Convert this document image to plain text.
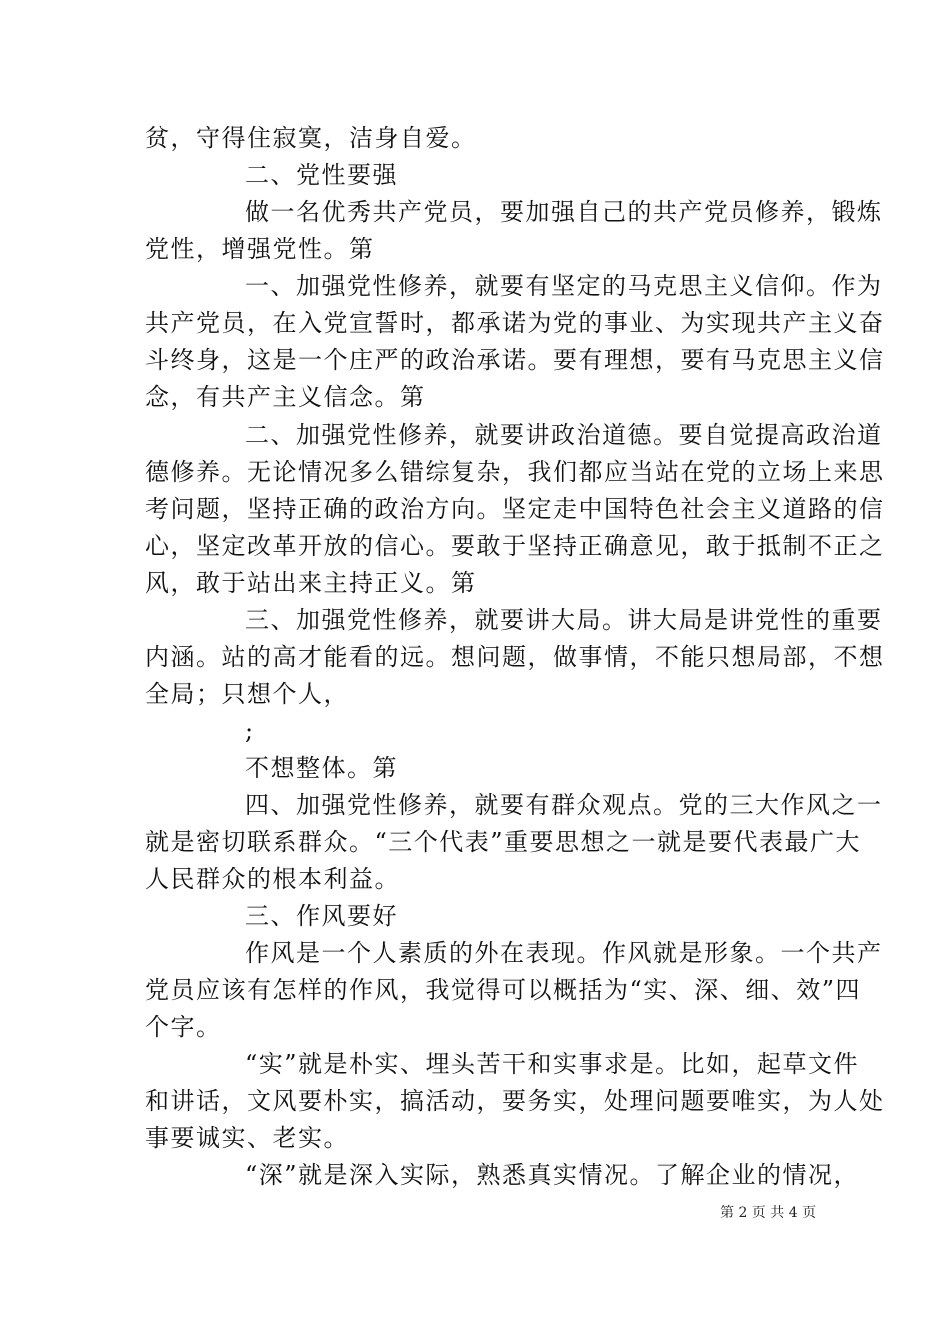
贫，守得住寂寞，洁身自爱。
二、党性要强
做一名优秀共产党员，要加强自己的共产党员修养，锻炼
党性，增强党性。第
一、加强党性修养，就要有坚定的马克思主义信仰。作为
共产党员，在入党宣誓时，都承诺为党的事业、为实现共产主义奋
斗终身，这是一个庄严的政治承诺。要有理想，要有马克思主义信
念，有共产主义信念。第
二、加强党性修养，就要讲政治道德。要自觉提高政治道
德修养。无论情况多么错综复杂，我们都应当站在党的立场上来思
考问题，坚持正确的政治方向。坚定走中国特色社会主义道路的信
心，坚定改革开放的信心。要敢于坚持正确意见，敢于抵制不正之
风，敢于站出来主持正义。第
三、加强党性修养，就要讲大局。讲大局是讲党性的重要
内涵。站的高才能看的远。想问题，做事情，不能只想局部，不想
全局；只想个人，
;
不想整体。第
四、加强党性修养，就要有群众观点。党的三大作风之一
就是密切联系群众。“三个代表”重要思想之一就是要代表最广大
人民群众的根本利益。
三、作风要好
作风是一个人素质的外在表现。作风就是形象。一个共产
党员应该有怎样的作风，我觉得可以概括为“实、深、细、效”四
个字。
“实”就是朴实、埋头苦干和实事求是。比如，起草文件
和讲话，文风要朴实，搞活动，要务实，处理问题要唯实，为人处
事要诚实、老实。
“深”就是深入实际，熟悉真实情况。了解企业的情况，
第 2 页 共 4 页
